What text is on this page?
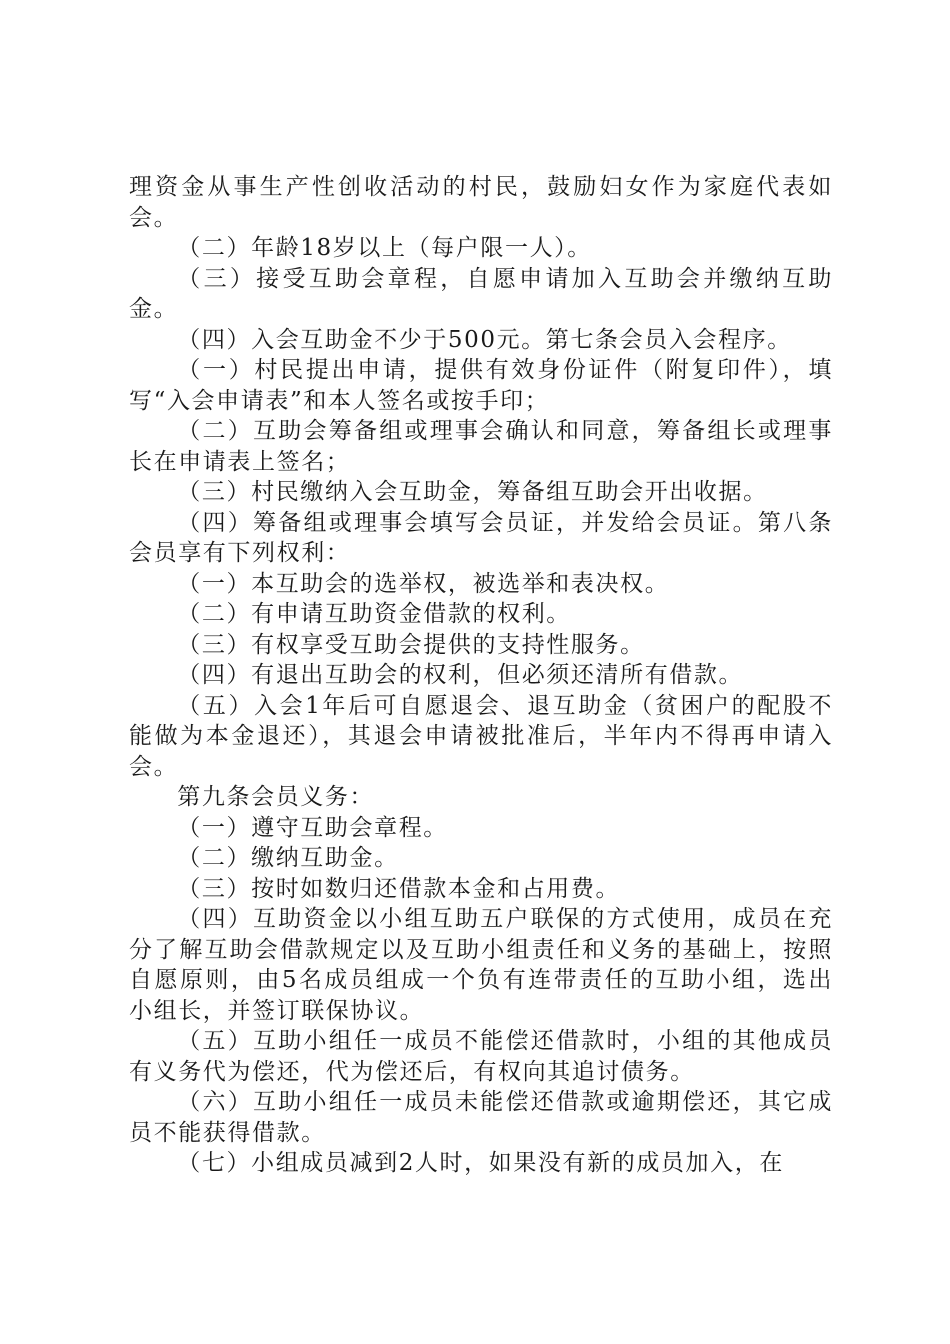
理资金从事生产性创收活动的村民，鼓励妇女作为家庭代表如会。

（二）年龄18岁以上（每户限一人）。

（三）接受互助会章程，自愿申请加入互助会并缴纳互助金。

（四）入会互助金不少于500元。第七条会员入会程序。

（一）村民提出申请，提供有效身份证件（附复印件），填写“入会申请表”和本人签名或按手印；

（二）互助会筹备组或理事会确认和同意，筹备组长或理事长在申请表上签名；

（三）村民缴纳入会互助金，筹备组互助会开出收据。

（四）筹备组或理事会填写会员证，并发给会员证。第八条会员享有下列权利：

（一）本互助会的选举权，被选举和表决权。

（二）有申请互助资金借款的权利。

（三）有权享受互助会提供的支持性服务。

（四）有退出互助会的权利，但必须还清所有借款。

（五）入会1年后可自愿退会、退互助金（贫困户的配股不能做为本金退还），其退会申请被批准后，半年内不得再申请入会。

第九条会员义务：

（一）遵守互助会章程。

（二）缴纳互助金。

（三）按时如数归还借款本金和占用费。

（四）互助资金以小组互助五户联保的方式使用，成员在充分了解互助会借款规定以及互助小组责任和义务的基础上，按照自愿原则，由5名成员组成一个负有连带责任的互助小组，选出小组长，并签订联保协议。

（五）互助小组任一成员不能偿还借款时，小组的其他成员有义务代为偿还，代为偿还后，有权向其追讨债务。

（六）互助小组任一成员未能偿还借款或逾期偿还，其它成员不能获得借款。

（七）小组成员减到2人时，如果没有新的成员加入，在
